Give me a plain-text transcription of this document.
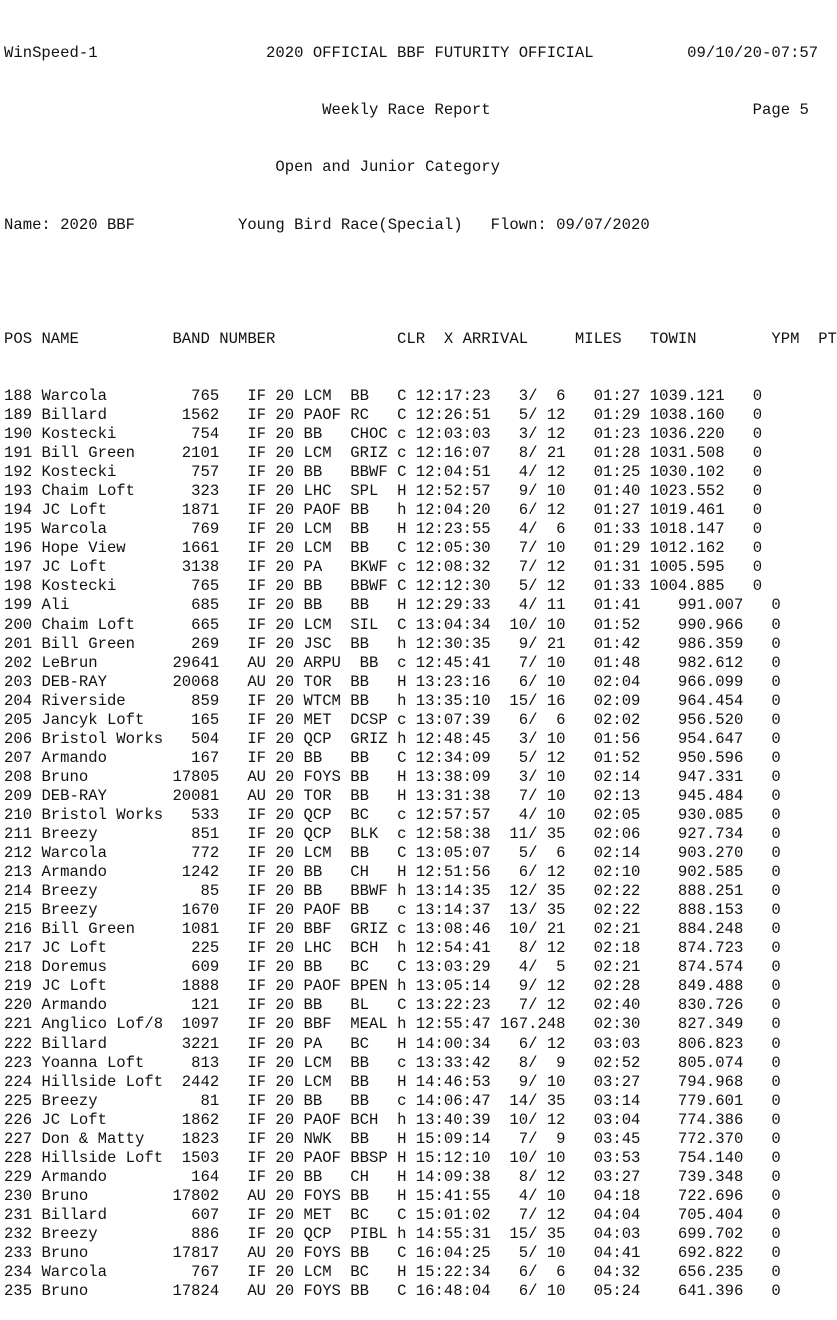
WinSpeed-1	2020 OFFICIAL BBF FUTURITY OFFICIAL	09/10/20-07:57

Weekly Race Report	Page 5

Open and Junior Category

Name: 2020 BBF	Young Bird Race(Special) Flown: 09/07/2020

POS NAME          BAND NUMBER             CLR  X ARRIVAL     MILES   TOWIN        YPM  PT

188 Warcola         765   IF 20 LCM  BB   C 12:17:23   3/  6   01:27 1039.121   0
189 Billard        1562   IF 20 PAOF RC   C 12:26:51   5/ 12   01:29 1038.160   0
190 Kostecki        754   IF 20 BB   CHOC c 12:03:03   3/ 12   01:23 1036.220   0
191 Bill Green     2101   IF 20 LCM  GRIZ c 12:16:07   8/ 21   01:28 1031.508   0
192 Kostecki        757   IF 20 BB   BBWF C 12:04:51   4/ 12   01:25 1030.102   0
193 Chaim Loft      323   IF 20 LHC  SPL  H 12:52:57   9/ 10   01:40 1023.552   0
194 JC Loft        1871   IF 20 PAOF BB   h 12:04:20   6/ 12   01:27 1019.461   0
195 Warcola         769   IF 20 LCM  BB   H 12:23:55   4/  6   01:33 1018.147   0
196 Hope View      1661   IF 20 LCM  BB   C 12:05:30   7/ 10   01:29 1012.162   0
197 JC Loft        3138   IF 20 PA   BKWF c 12:08:32   7/ 12   01:31 1005.595   0
198 Kostecki        765   IF 20 BB   BBWF C 12:12:30   5/ 12   01:33 1004.885   0
199 Ali             685   IF 20 BB   BB   H 12:29:33   4/ 11   01:41    991.007   0
200 Chaim Loft      665   IF 20 LCM  SIL  C 13:04:34  10/ 10   01:52    990.966   0
201 Bill Green      269   IF 20 JSC  BB   h 12:30:35   9/ 21   01:42    986.359   0
202 LeBrun        29641   AU 20 ARPU  BB  c 12:45:41   7/ 10   01:48    982.612   0
203 DEB-RAY       20068   AU 20 TOR  BB   H 13:23:16   6/ 10   02:04    966.099   0
204 Riverside       859   IF 20 WTCM BB   h 13:35:10  15/ 16   02:09    964.454   0
205 Jancyk Loft     165   IF 20 MET  DCSP c 13:07:39   6/  6   02:02    956.520   0
206 Bristol Works   504   IF 20 QCP  GRIZ h 12:48:45   3/ 10   01:56    954.647   0
207 Armando         167   IF 20 BB   BB   C 12:34:09   5/ 12   01:52    950.596   0
208 Bruno         17805   AU 20 FOYS BB   H 13:38:09   3/ 10   02:14    947.331   0
209 DEB-RAY       20081   AU 20 TOR  BB   H 13:31:38   7/ 10   02:13    945.484   0
210 Bristol Works   533   IF 20 QCP  BC   c 12:57:57   4/ 10   02:05    930.085   0
211 Breezy          851   IF 20 QCP  BLK  c 12:58:38  11/ 35   02:06    927.734   0
212 Warcola         772   IF 20 LCM  BB   C 13:05:07   5/  6   02:14    903.270   0
213 Armando        1242   IF 20 BB   CH   H 12:51:56   6/ 12   02:10    902.585   0
214 Breezy           85   IF 20 BB   BBWF h 13:14:35  12/ 35   02:22    888.251   0
215 Breezy         1670   IF 20 PAOF BB   c 13:14:37  13/ 35   02:22    888.153   0
216 Bill Green     1081   IF 20 BBF  GRIZ c 13:08:46  10/ 21   02:21    884.248   0
217 JC Loft         225   IF 20 LHC  BCH  h 12:54:41   8/ 12   02:18    874.723   0
218 Doremus         609   IF 20 BB   BC   C 13:03:29   4/  5   02:21    874.574   0
219 JC Loft        1888   IF 20 PAOF BPEN h 13:05:14   9/ 12   02:28    849.488   0
220 Armando         121   IF 20 BB   BL   C 13:22:23   7/ 12   02:40    830.726   0
221 Anglico Lof/8  1097   IF 20 BBF  MEAL h 12:55:47 167.248   02:30    827.349   0
222 Billard        3221   IF 20 PA   BC   H 14:00:34   6/ 12   03:03    806.823   0
223 Yoanna Loft     813   IF 20 LCM  BB   c 13:33:42   8/  9   02:52    805.074   0
224 Hillside Loft  2442   IF 20 LCM  BB   H 14:46:53   9/ 10   03:27    794.968   0
225 Breezy           81   IF 20 BB   BB   c 14:06:47  14/ 35   03:14    779.601   0
226 JC Loft        1862   IF 20 PAOF BCH  h 13:40:39  10/ 12   03:04    774.386   0
227 Don & Matty    1823   IF 20 NWK  BB   H 15:09:14   7/  9   03:45    772.370   0
228 Hillside Loft  1503   IF 20 PAOF BBSP H 15:12:10  10/ 10   03:53    754.140   0
229 Armando         164   IF 20 BB   CH   H 14:09:38   8/ 12   03:27    739.348   0
230 Bruno         17802   AU 20 FOYS BB   H 15:41:55   4/ 10   04:18    722.696   0
231 Billard         607   IF 20 MET  BC   C 15:01:02   7/ 12   04:04    705.404   0
232 Breezy          886   IF 20 QCP  PIBL h 14:55:31  15/ 35   04:03    699.702   0
233 Bruno         17817   AU 20 FOYS BB   C 16:04:25   5/ 10   04:41    692.822   0
234 Warcola         767   IF 20 LCM  BC   H 15:22:34   6/  6   04:32    656.235   0
235 Bruno         17824   AU 20 FOYS BB   C 16:48:04   6/ 10   05:24    641.396   0
